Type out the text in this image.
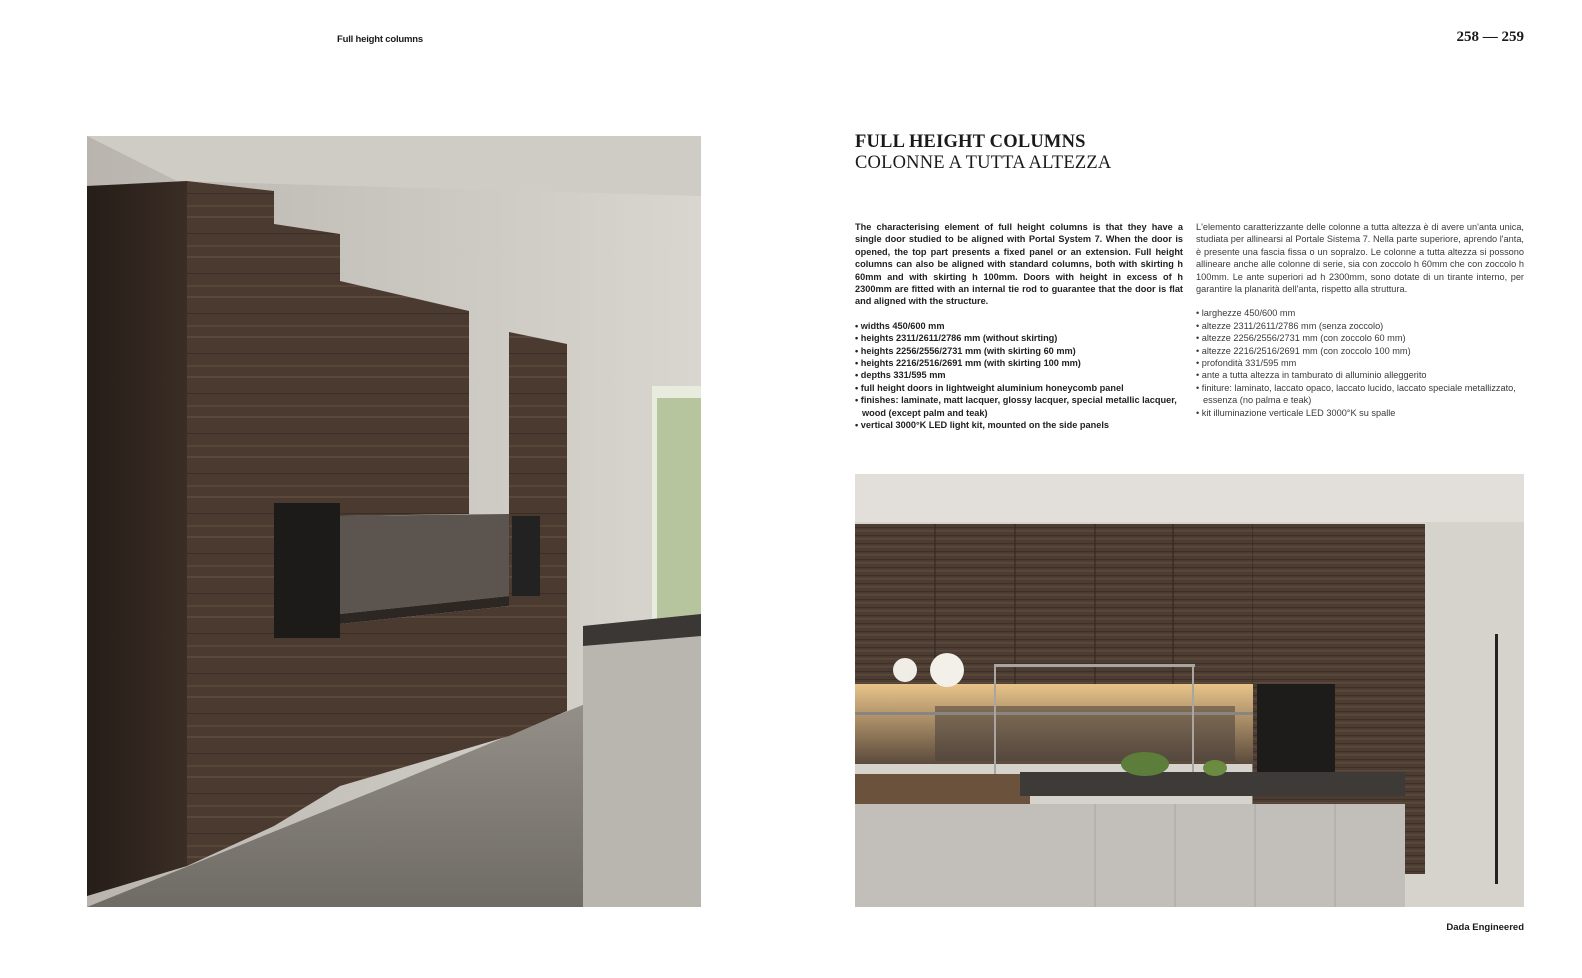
Full height columns	258 — 259
FULL HEIGHT COLUMNS
COLONNE A TUTTA ALTEZZA

The characterising element of full height columns is that they have a single door studied to be aligned with Portal System 7. When the door is opened, the top part presents a fixed panel or an extension. Full height columns can also be aligned with standard columns, both with skirting h 60mm and with skirting h 100mm. Doors with height in excess of h 2300mm are fitted with an internal tie rod to guarantee that the door is flat and aligned with the structure.

• widths 450/600 mm
• heights 2311/2611/2786 mm (without skirting)
• heights 2256/2556/2731 mm (with skirting 60 mm)
• heights 2216/2516/2691 mm (with skirting 100 mm)
• depths 331/595 mm
• full height doors in lightweight aluminium honeycomb panel
• finishes: laminate, matt lacquer, glossy lacquer, special metallic lacquer, wood (except palm and teak)
• vertical 3000°K LED light kit, mounted on the side panels

L'elemento caratterizzante delle colonne a tutta altezza è di avere un'anta unica, studiata per allinearsi al Portale Sistema 7. Nella parte superiore, aprendo l'anta, è presente una fascia fissa o un sopralzo. Le colonne a tutta altezza si possono allineare anche alle colonne di serie, sia con zoccolo h 60mm che con zoccolo h 100mm. Le ante superiori ad h 2300mm, sono dotate di un tirante interno, per garantire la planarità dell'anta, rispetto alla struttura.

• larghezze 450/600 mm
• altezze 2311/2611/2786 mm (senza zoccolo)
• altezze 2256/2556/2731 mm (con zoccolo 60 mm)
• altezze 2216/2516/2691 mm (con zoccolo 100 mm)
• profondità 331/595 mm
• ante a tutta altezza in tamburato di alluminio alleggerito
• finiture: laminato, laccato opaco, laccato lucido, laccato speciale metallizzato, essenza (no palma e teak)
• kit illuminazione verticale LED 3000°K su spalle
Dada Engineered
